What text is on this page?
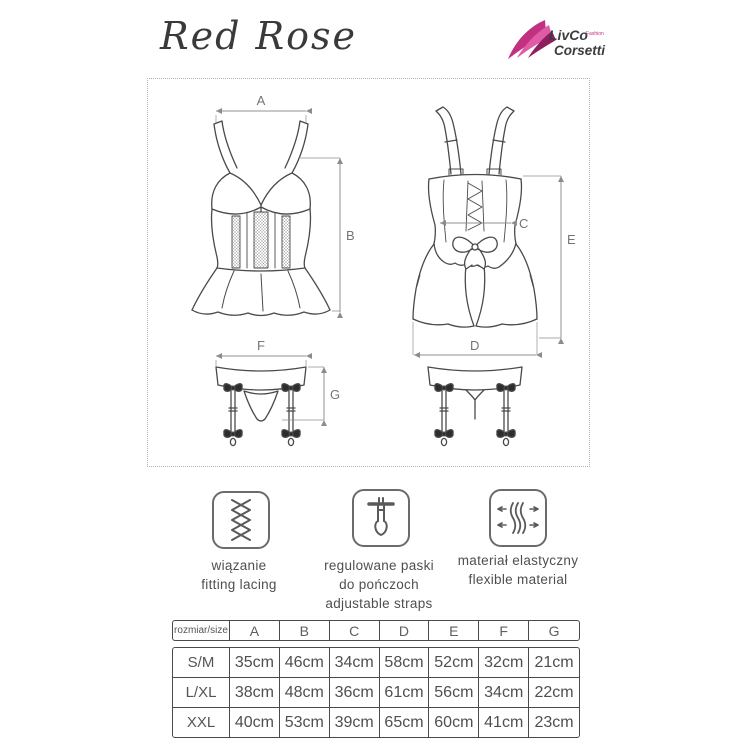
Red Rose	LivCo
Fashion
Corsetti
A
B
C
E
D
F
G
wiązanie
fitting lacing
regulowane paski
do pończoch
adjustable straps
materiał elastyczny
flexible material
rozmiar/size	A	B	C	D	E	F	G
S/M	35cm 46cm 34cm 58cm 52cm 32cm 21cm
L/XL	38cm 48cm 36cm 61cm 56cm 34cm 22cm
XXL	40cm 53cm 39cm 65cm 60cm 41cm 23cm
